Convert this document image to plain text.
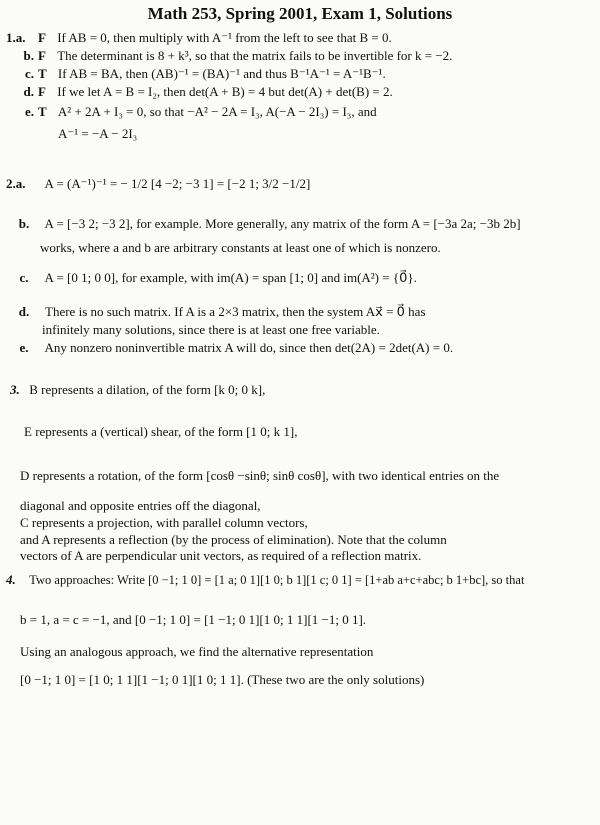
Math 253, Spring 2001, Exam 1, Solutions
1.a. F If AB = 0, then multiply with A⁻¹ from the left to see that B = 0.
b. F The determinant is 8 + k³, so that the matrix fails to be invertible for k = −2.
c. T If AB = BA, then (AB)⁻¹ = (BA)⁻¹ and thus B⁻¹A⁻¹ = A⁻¹B⁻¹.
d. F If we let A = B = I₂, then det(A + B) = 4 but det(A) + det(B) = 2.
e. T A² + 2A + I₃ = 0, so that −A² − 2A = I₃, A(−A − 2I₃) = I₃, and
A⁻¹ = −A − 2I₃
2.a. A = (A⁻¹)⁻¹ = − 1/2 [4 −2; −3 1] = [−2 1; 3/2 −1/2]
b. A = [−3 2; −3 2], for example. More generally, any matrix of the form A = [−3a 2a; −3b 2b]
works, where a and b are arbitrary constants at least one of which is nonzero.
c. A = [0 1; 0 0], for example, with im(A) = span [1; 0] and im(A²) = {0⃗}.
d. There is no such matrix. If A is a 2×3 matrix, then the system Ax⃗ = 0⃗ has
infinitely many solutions, since there is at least one free variable.
e. Any nonzero noninvertible matrix A will do, since then det(2A) = 2det(A) = 0.
3. B represents a dilation, of the form [k 0; 0 k],
E represents a (vertical) shear, of the form [1 0; k 1],
D represents a rotation, of the form [cosθ −sinθ; sinθ cosθ], with two identical entries on the
diagonal and opposite entries off the diagonal,
C represents a projection, with parallel column vectors,
and A represents a reflection (by the process of elimination). Note that the column
vectors of A are perpendicular unit vectors, as required of a reflection matrix.
4. Two approaches: Write [0 −1; 1 0] = [1 a; 0 1][1 0; b 1][1 c; 0 1] = [1+ab a+c+abc; b 1+bc], so that
b = 1, a = c = −1, and [0 −1; 1 0] = [1 −1; 0 1][1 0; 1 1][1 −1; 0 1].
Using an analogous approach, we find the alternative representation
[0 −1; 1 0] = [1 0; 1 1][1 −1; 0 1][1 0; 1 1]. (These two are the only solutions)
